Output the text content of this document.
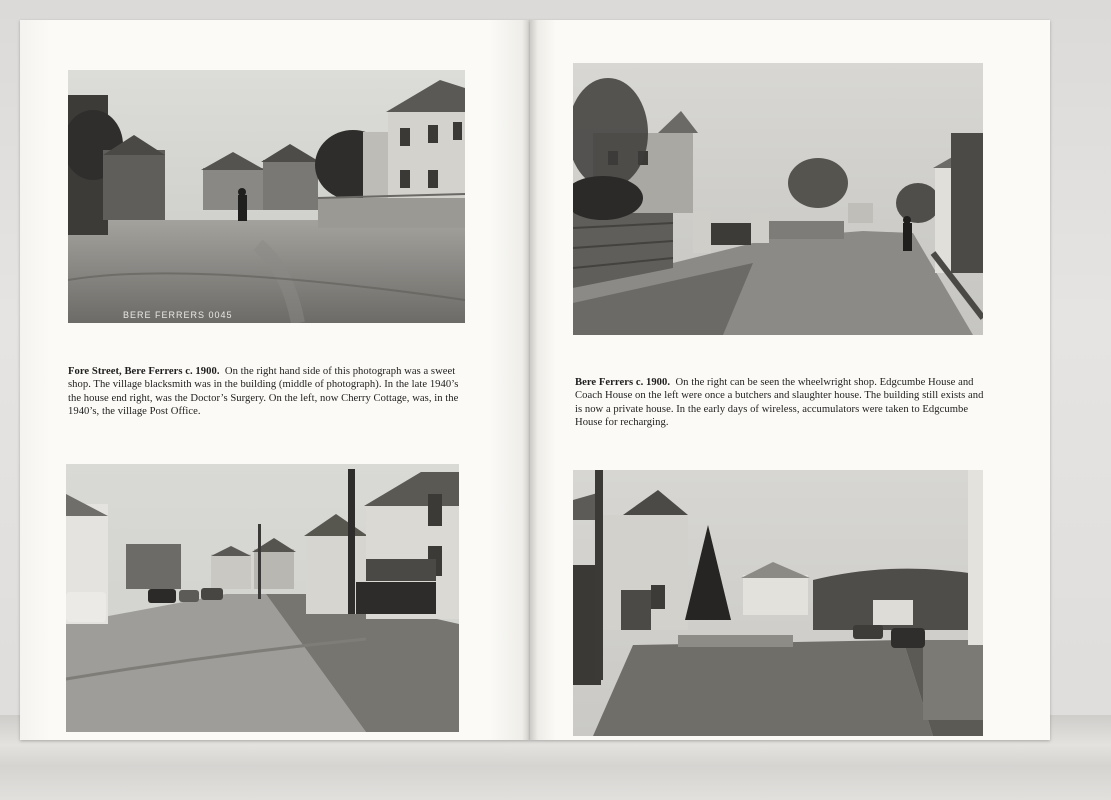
BERE FERRERS 0045

Fore Street, Bere Ferrers c. 1900. On the right hand side of this photograph was a sweet shop. The village blacksmith was in the building (middle of photograph). In the late 1940’s the house end right, was the Doctor’s Surgery. On the left, now Cherry Cottage, was, in the 1940’s, the village Post Office.

Bere Ferrers c. 1900. On the right can be seen the wheelwright shop. Edgcumbe House and Coach House on the left were once a butchers and slaughter house. The building still exists and is now a private house. In the early days of wireless, accumulators were taken to Edgcumbe House for recharging.
